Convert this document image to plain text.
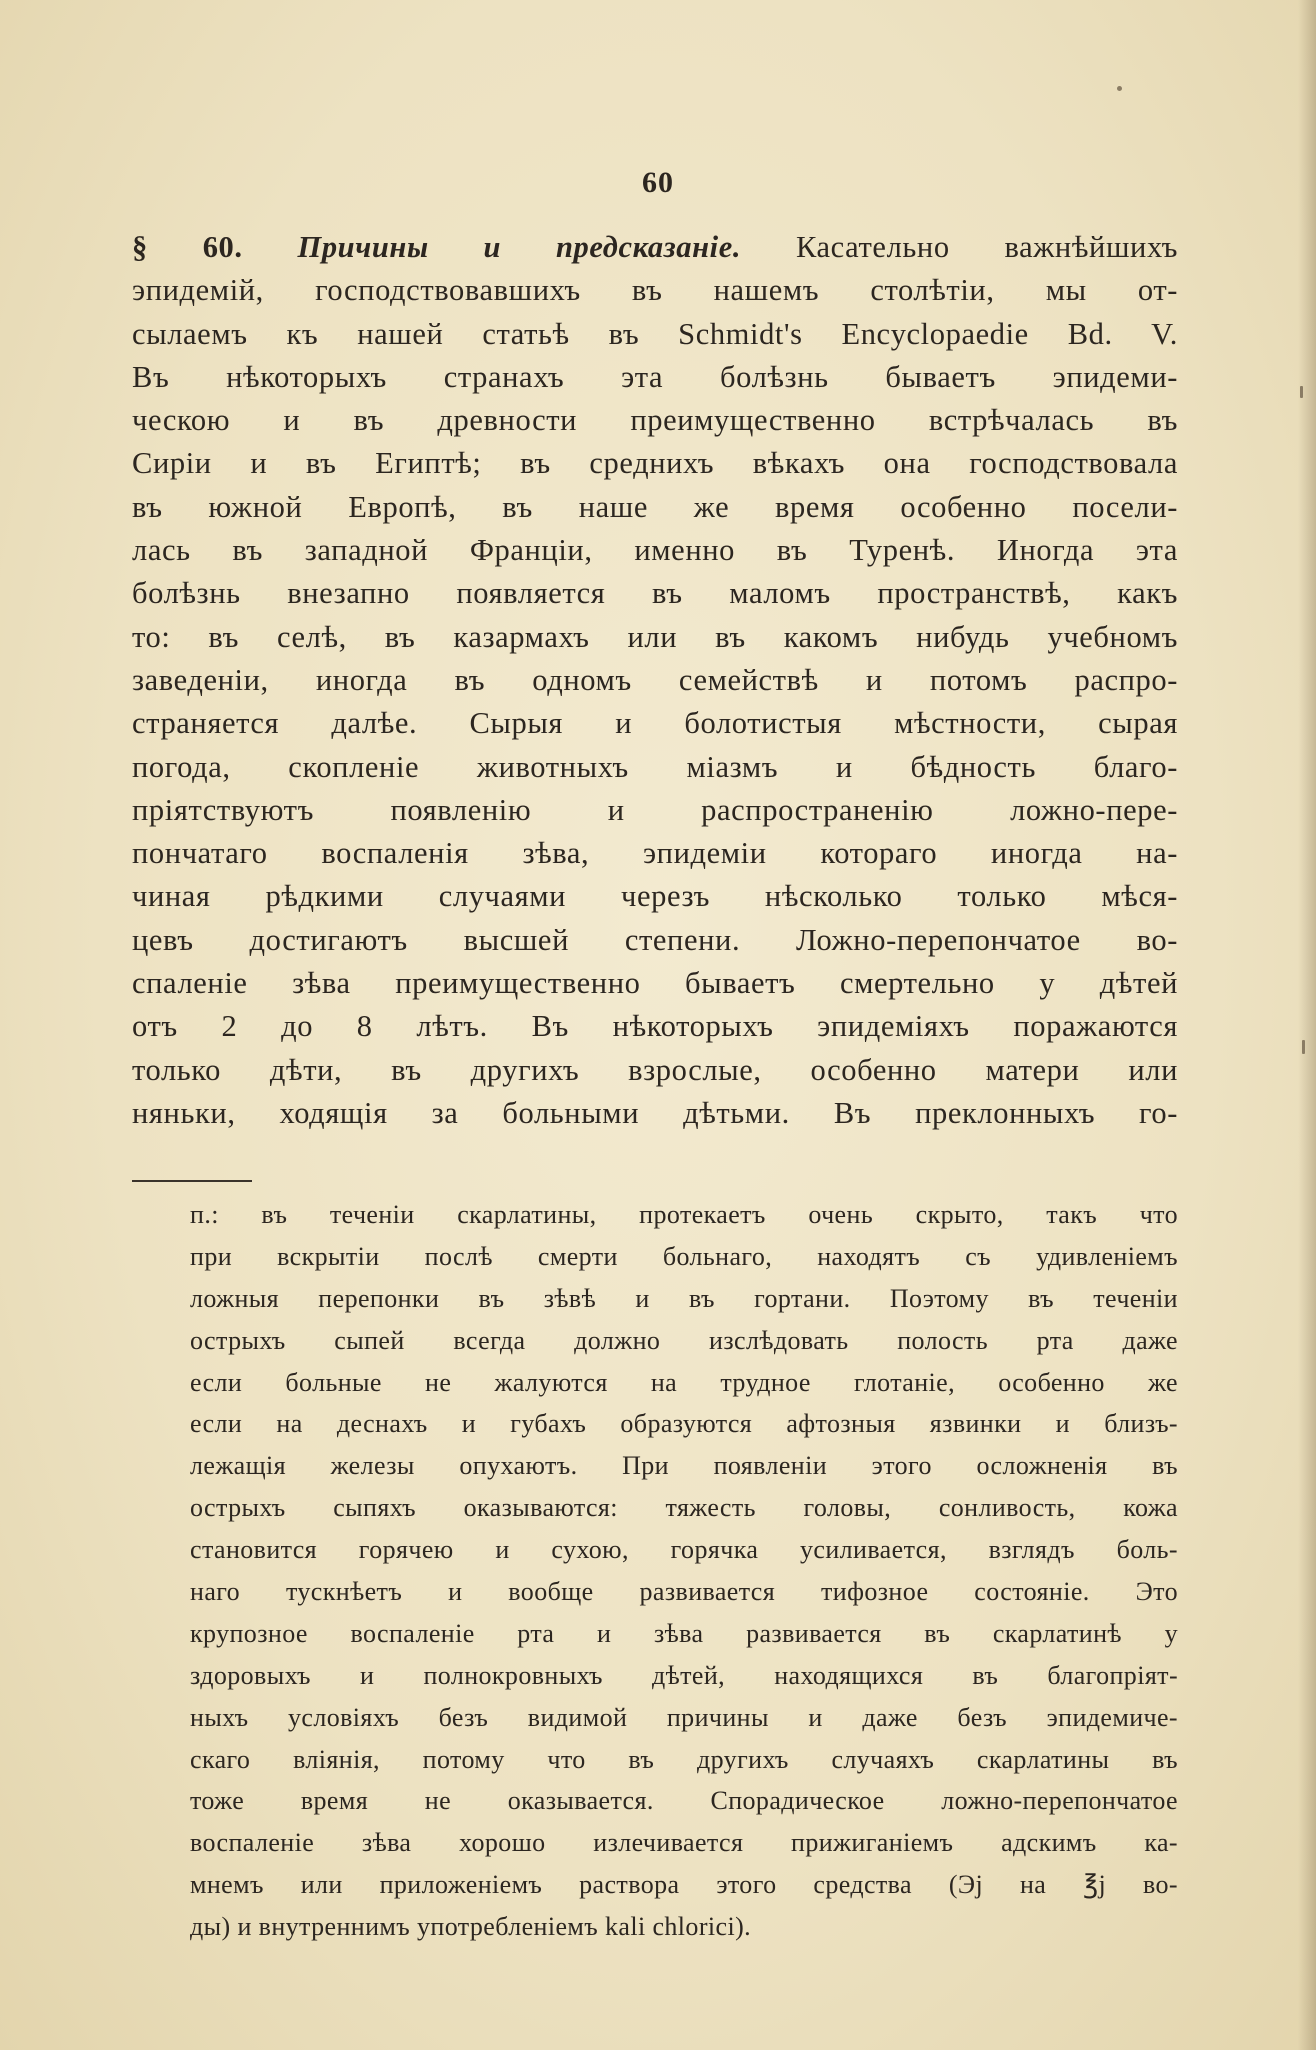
60
§ 60. Причины и предсказаніе. Касательно важнѣйшихъ
эпидемій, господствовавшихъ въ нашемъ столѣтіи, мы от-
сылаемъ къ нашей статьѣ въ Schmidt's Encyclopaedie Bd. V.
Въ нѣкоторыхъ странахъ эта болѣзнь бываетъ эпидеми-
ческою и въ древности преимущественно встрѣчалась въ
Сиріи и въ Египтѣ; въ среднихъ вѣкахъ она господствовала
въ южной Европѣ, въ наше же время особенно посели-
лась въ западной Франціи, именно въ Туренѣ. Иногда эта
болѣзнь внезапно появляется въ маломъ пространствѣ, какъ
то: въ селѣ, въ казармахъ или въ какомъ нибудь учебномъ
заведеніи, иногда въ одномъ семействѣ и потомъ распро-
страняется далѣе. Сырыя и болотистыя мѣстности, сырая
погода, скопленіе животныхъ міазмъ и бѣдность благо-
пріятствуютъ появленію и распространенію ложно-пере-
пончатаго воспаленія зѣва, эпидеміи котораго иногда на-
чиная рѣдкими случаями черезъ нѣсколько только мѣся-
цевъ достигаютъ высшей степени. Ложно-перепончатое во-
спаленіе зѣва преимущественно бываетъ смертельно у дѣтей
отъ 2 до 8 лѣтъ. Въ нѣкоторыхъ эпидеміяхъ поражаются
только дѣти, въ другихъ взрослые, особенно матери или
няньки, ходящія за больными дѣтьми. Въ преклонныхъ го-
п.: въ теченіи скарлатины, протекаетъ очень скрыто, такъ что
при вскрытіи послѣ смерти больнаго, находятъ съ удивленіемъ
ложныя перепонки въ зѣвѣ и въ гортани. Поэтому въ теченіи
острыхъ сыпей всегда должно изслѣдовать полость рта даже
если больные не жалуются на трудное глотаніе, особенно же
если на деснахъ и губахъ образуются афтозныя язвинки и близъ-
лежащія железы опухаютъ. При появленіи этого осложненія въ
острыхъ сыпяхъ оказываются: тяжесть головы, сонливость, кожа
становится горячею и сухою, горячка усиливается, взглядъ боль-
наго тускнѣетъ и вообще развивается тифозное состояніе. Это
крупозное воспаленіе рта и зѣва развивается въ скарлатинѣ у
здоровыхъ и полнокровныхъ дѣтей, находящихся въ благопріят-
ныхъ условіяхъ безъ видимой причины и даже безъ эпидемиче-
скаго вліянія, потому что въ другихъ случаяхъ скарлатины въ
тоже время не оказывается. Спорадическое ложно-перепончатое
воспаленіе зѣва хорошо излечивается прижиганіемъ адскимъ ка-
мнемъ или приложеніемъ раствора этого средства (Эj на ℥j во-
ды) и внутреннимъ употребленіемъ kali chlorici).
